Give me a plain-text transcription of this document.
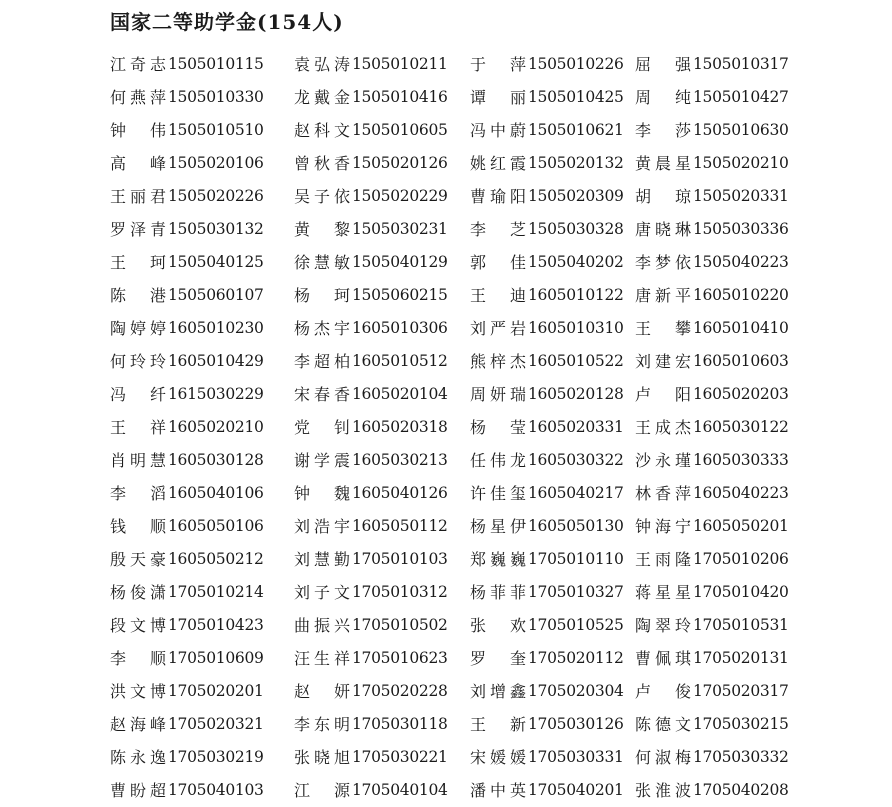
国家二等助学金(154人)
江奇志 1505010115 袁弘涛 1505010211 于　萍 1505010226 屈　强 1505010317
何燕萍 1505010330 龙戴金 1505010416 谭　丽 1505010425 周　纯 1505010427
钟　伟 1505010510 赵科文 1505010605 冯中蔚 1505010621 李　莎 1505010630
高　峰 1505020106 曾秋香 1505020126 姚红霞 1505020132 黄晨星 1505020210
王丽君 1505020226 吴子依 1505020229 曹瑜阳 1505020309 胡　琼 1505020331
罗泽青 1505030132 黄　黎 1505030231 李　芝 1505030328 唐晓琳 1505030336
王　珂 1505040125 徐慧敏 1505040129 郭　佳 1505040202 李梦依 1505040223
陈　港 1505060107 杨　珂 1505060215 王　迪 1605010122 唐新平 1605010220
陶婷婷 1605010230 杨杰宇 1605010306 刘严岩 1605010310 王　攀 1605010410
何玲玲 1605010429 李超柏 1605010512 熊梓杰 1605010522 刘建宏 1605010603
冯　纤 1615030229 宋春香 1605020104 周妍瑞 1605020128 卢　阳 1605020203
王　祥 1605020210 党　钊 1605020318 杨　莹 1605020331 王成杰 1605030122
肖明慧 1605030128 谢学震 1605030213 任伟龙 1605030322 沙永瑾 1605030333
李　滔 1605040106 钟　魏 1605040126 许佳玺 1605040217 林香萍 1605040223
钱　顺 1605050106 刘浩宇 1605050112 杨星伊 1605050130 钟海宁 1605050201
殷天豪 1605050212 刘慧勤 1705010103 郑巍巍 1705010110 王雨隆 1705010206
杨俊潇 1705010214 刘子文 1705010312 杨菲菲 1705010327 蒋星星 1705010420
段文博 1705010423 曲振兴 1705010502 张　欢 1705010525 陶翠玲 1705010531
李　顺 1705010609 汪生祥 1705010623 罗　奎 1705020112 曹佩琪 1705020131
洪文博 1705020201 赵　妍 1705020228 刘增鑫 1705020304 卢　俊 1705020317
赵海峰 1705020321 李东明 1705030118 王　新 1705030126 陈德文 1705030215
陈永逸 1705030219 张晓旭 1705030221 宋媛媛 1705030331 何淑梅 1705030332
曹盼超 1705040103 江　源 1705040104 潘中英 1705040201 张淮波 1705040208
